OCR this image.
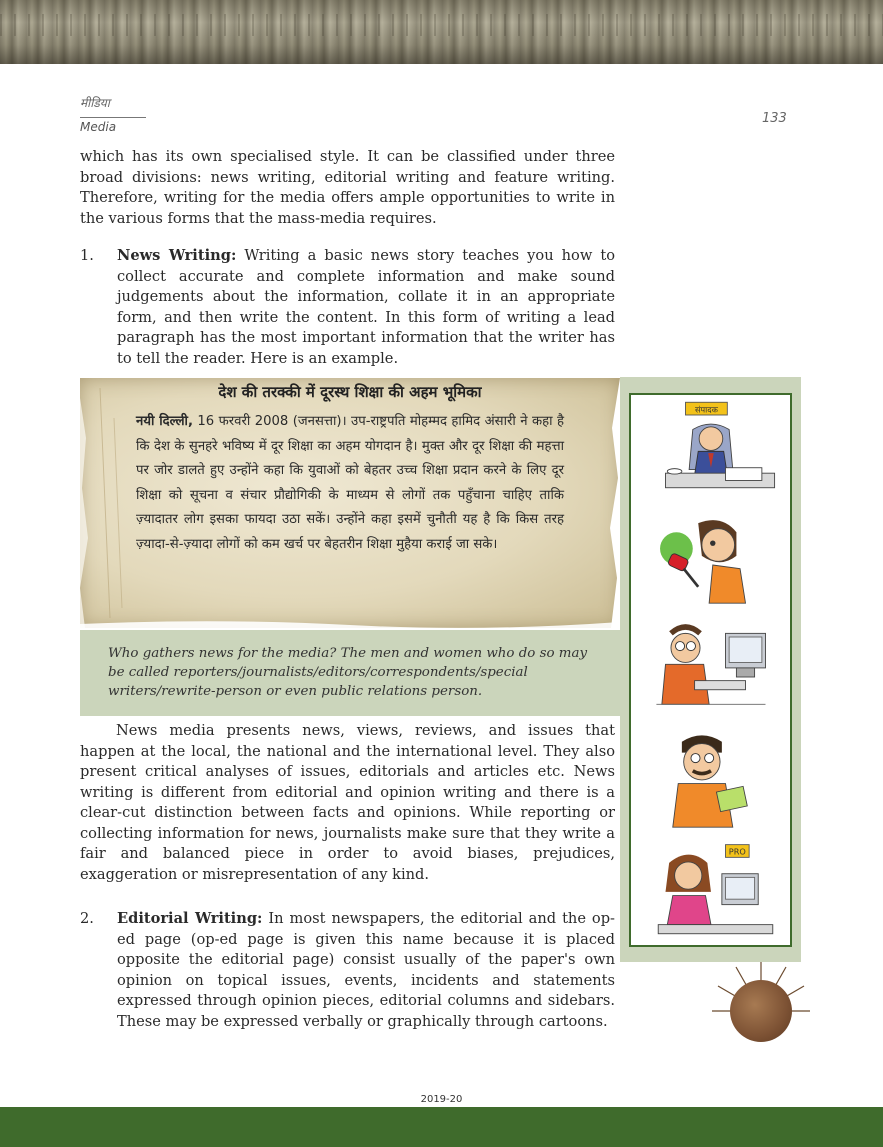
मीडिया
Media
133

which has its own specialised style. It can be classified under three broad divisions: news writing, editorial writing and feature writing. Therefore, writing for the media offers ample opportunities to write in the various forms that the mass-media requires.

1. News Writing: Writing a basic news story teaches you how to collect accurate and complete information and make sound judgements about the information, collate it in an appropriate form, and then write the content. In this form of writing a lead paragraph has the most important information that the writer has to tell the reader. Here is an example.

देश की तरक्की में दूरस्थ शिक्षा की अहम भूमिका

नयी दिल्ली, 16 फरवरी 2008 (जनसत्ता)। उप-राष्ट्रपति मोहम्मद हामिद अंसारी ने कहा है कि देश के सुनहरे भविष्य में दूर शिक्षा का अहम योगदान है। मुक्त और दूर शिक्षा की महत्ता पर जोर डालते हुए उन्होंने कहा कि युवाओं को बेहतर उच्च शिक्षा प्रदान करने के लिए दूर शिक्षा को सूचना व संचार प्रौद्योगिकी के माध्यम से लोगों तक पहुँचाना चाहिए ताकि ज़्यादातर लोग इसका फायदा उठा सकें। उन्होंने कहा इसमें चुनौती यह है कि किस तरह ज़्यादा-से-ज़्यादा लोगों को कम खर्च पर बेहतरीन शिक्षा मुहैया कराई जा सके।

Who gathers news for the media? The men and women who do so may be called reporters/journalists/editors/correspondents/special writers/rewrite-person or even public relations person.

संपादक
PRO

News media presents news, views, reviews, and issues that happen at the local, the national and the international level. They also present critical analyses of issues, editorials and articles etc. News writing is different from editorial and opinion writing and there is a clear-cut distinction between facts and opinions. While reporting or collecting information for news, journalists make sure that they write a fair and balanced piece in order to avoid biases, prejudices, exaggeration or misrepresentation of any kind.

2. Editorial Writing: In most newspapers, the editorial and the op-ed page (op-ed page is given this name because it is placed opposite the editorial page) consist usually of the paper's own opinion on topical issues, events, incidents and statements expressed through opinion pieces, editorial columns and sidebars. These may be expressed verbally or graphically through cartoons.

2019-20
